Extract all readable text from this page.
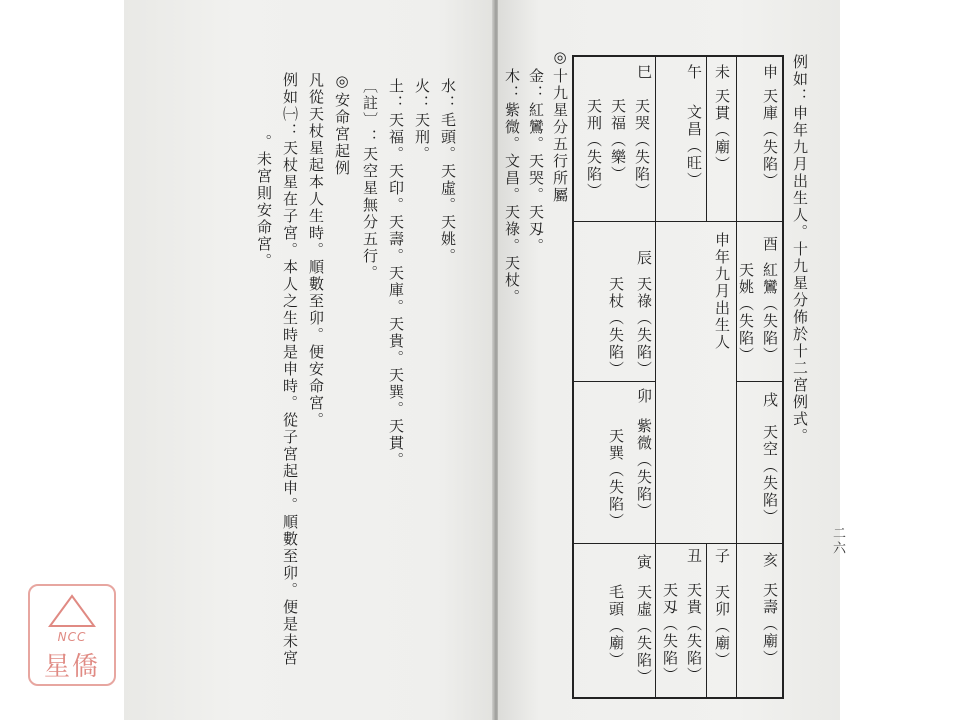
水：毛頭。天虛。天姚。
火：天刑。
土：天福。天印。天壽。天庫。天貴。天巽。天貫。
〔註〕：天空星無分五行。
◎安命宮起例
凡從天杖星起本人生時。順數至卯。便安命宮。
例如㈠：天杖星在子宮。本人之生時是申時。從子宮起申。順數至卯。便是未宮
。未宮則安命宮。	例如：申年九月出生人。十九星分佈於十二宮例式。
二六
申
天庫（失陷）
未
天貫（廟）
午
文昌（旺）
巳
天哭（失陷）
天福（樂）
天刑（失陷）
酉
紅鸞（失陷）
天姚（失陷）
申年九月出生人
辰
天祿（失陷）
天杖（失陷）
戌
天空（失陷）
卯
紫微（失陷）
天巽（失陷）
亥
天壽（廟）
子
天卯（廟）
丑
天貴（失陷）
天刄（失陷）
寅
天虛（失陷）
毛頭（廟）
◎十九星分五行所屬
金：紅鸞。天哭。天刄。
木：紫微。文昌。天祿。天杖。
NCC
星僑
